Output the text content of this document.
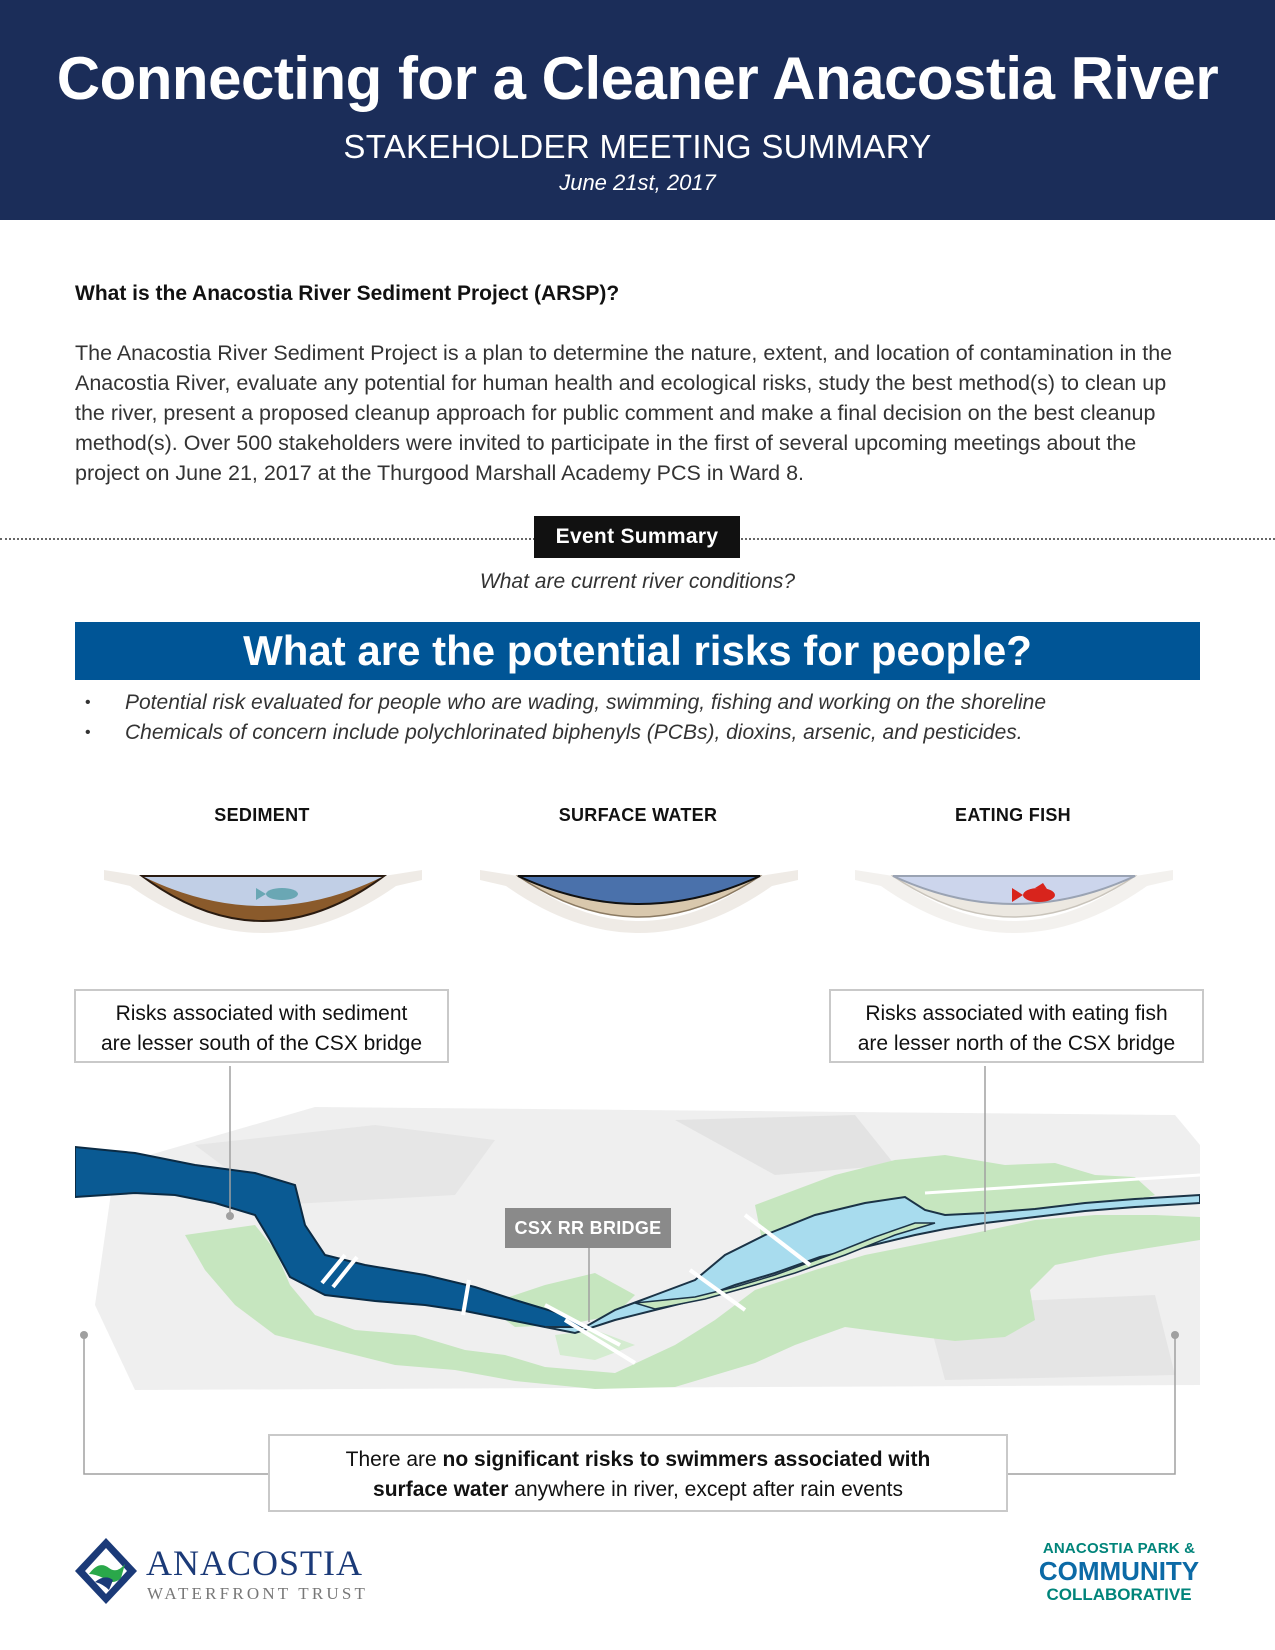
Connecting for a Cleaner Anacostia River
STAKEHOLDER MEETING SUMMARY
June 21st, 2017
What is the Anacostia River Sediment Project (ARSP)?
The Anacostia River Sediment Project is a plan to determine the nature, extent, and location of contamination in the Anacostia River, evaluate any potential for human health and ecological risks, study the best method(s) to clean up the river, present a proposed cleanup approach for public comment and make a final decision on the best cleanup method(s). Over 500 stakeholders were invited to participate in the first of several upcoming meetings about the project on June 21, 2017 at the Thurgood Marshall Academy PCS in Ward 8.
Event Summary
What are current river conditions?
What are the potential risks for people?
• Potential risk evaluated for people who are wading, swimming, fishing and working on the shoreline
• Chemicals of concern include polychlorinated biphenyls (PCBs), dioxins, arsenic, and pesticides.
SEDIMENT	SURFACE WATER	EATING FISH
CSX RR BRIDGE
Risks associated with sediment
are lesser south of the CSX bridge
Risks associated with eating fish
are lesser north of the CSX bridge
There are no significant risks to swimmers associated with
surface water anywhere in river, except after rain events
ANACOSTIA
WATERFRONT TRUST
ANACOSTIA PARK &
COMMUNITY
COLLABORATIVE
